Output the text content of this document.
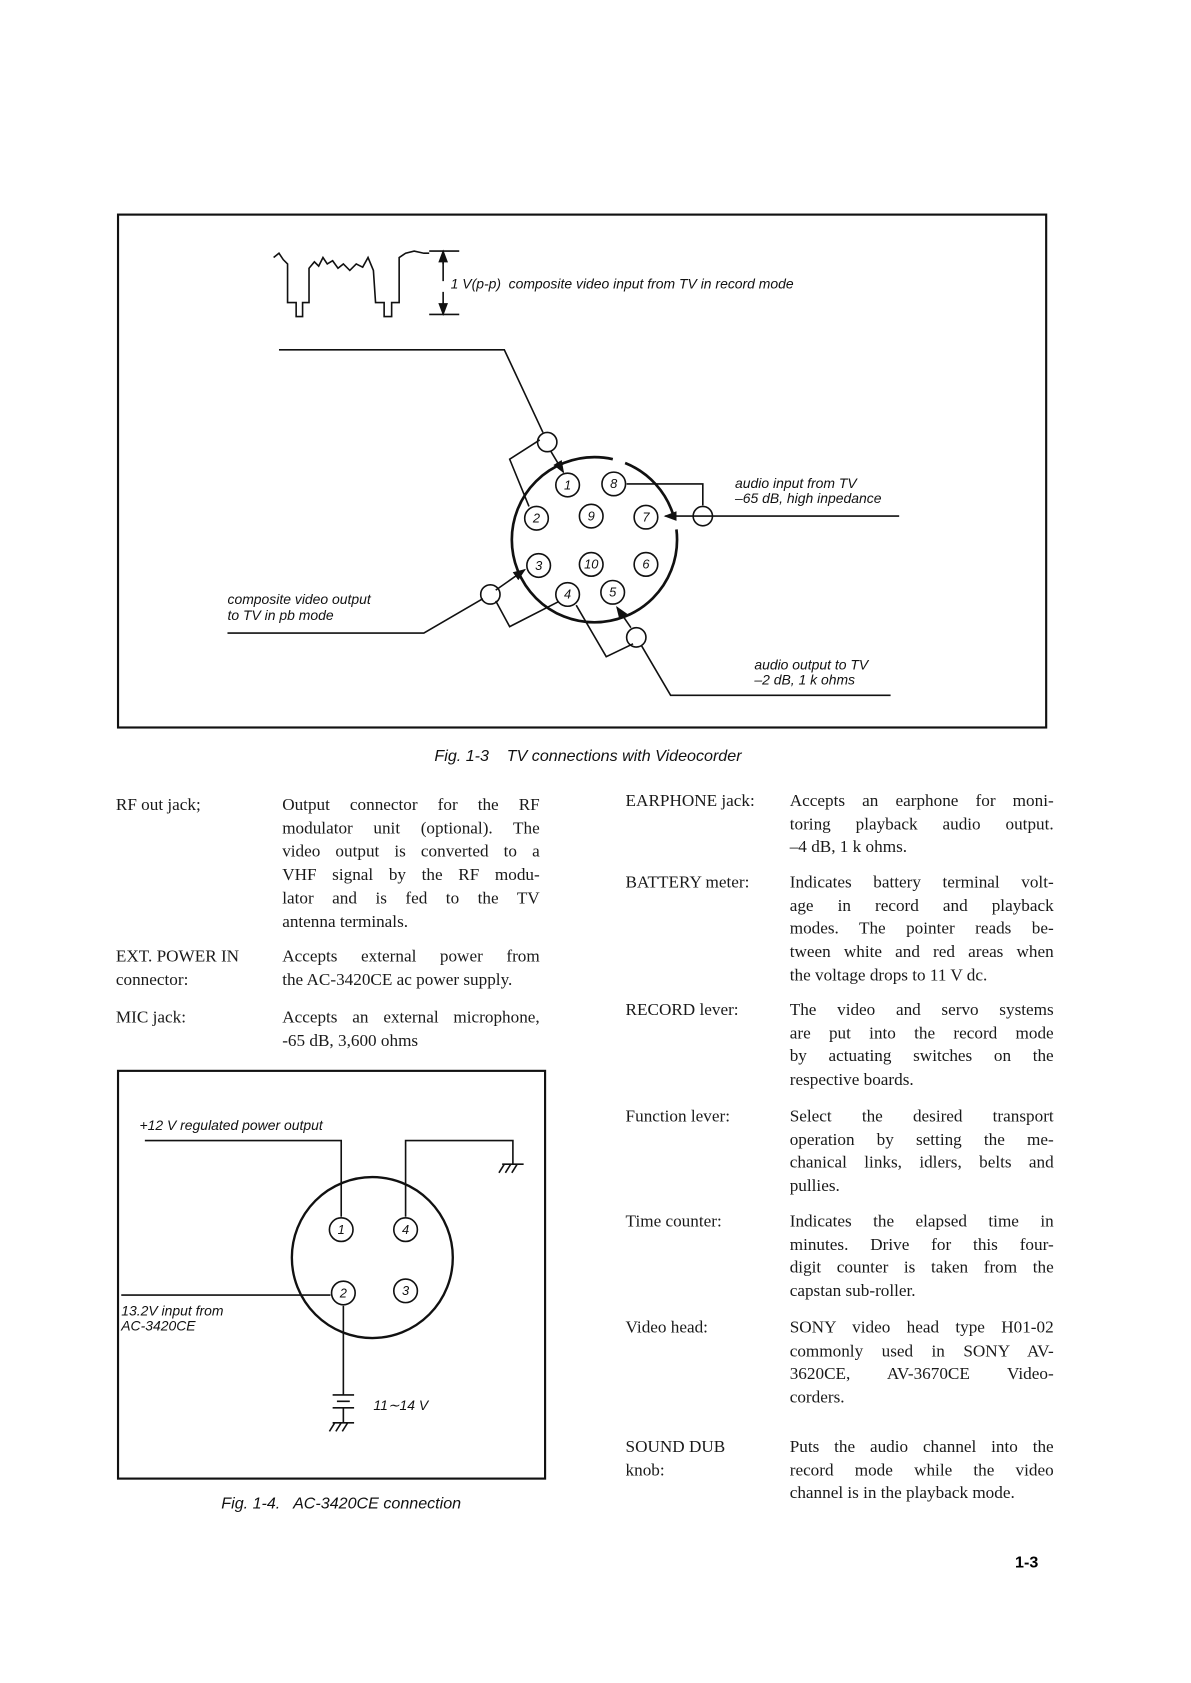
1
2
3
4	5
6
7
8
9
10
1 V(p-p) composite video input from TV in record mode
audio input from TV
–65 dB, high inpedance
composite video output
to TV in pb mode
audio output to TV
–2 dB, 1 k ohms
Fig. 1-3    TV connections with Videocorder
1	4
2	3
+12 V regulated power output
13.2V input from
AC-3420CE
11∼14 V
Fig. 1-4.   AC-3420CE connection
RF out jack;	Output connector for the RF
modulator unit (optional). The
video output is converted to a
VHF signal by the RF modu-
lator and is fed to the TV
antenna terminals.
EXT. POWER IN
connector:
Accepts external power from
the AC-3420CE ac power supply.
MIC jack:	Accepts an external microphone,
-65 dB, 3,600 ohms
EARPHONE jack: Accepts an earphone for moni-
toring playback audio output.
–4 dB, 1 k ohms.
BATTERY meter:	Indicates battery terminal volt-
age in record and playback
modes. The pointer reads be-
tween white and red areas when
the voltage drops to 11 V dc.
RECORD lever:	The video and servo systems
are put into the record mode
by actuating switches on the
respective boards.
Function lever:	Select the desired transport
operation by setting the me-
chanical links, idlers, belts and
pullies.
Time counter:	Indicates the elapsed time in
minutes. Drive for this four-
digit counter is taken from the
capstan sub-roller.
Video head:	SONY video head type H01-02
commonly used in SONY AV-
3620CE, AV-3670CE Video-
corders.
SOUND DUB
knob:
Puts the audio channel into the
record mode while the video
channel is in the playback mode.
1-3
